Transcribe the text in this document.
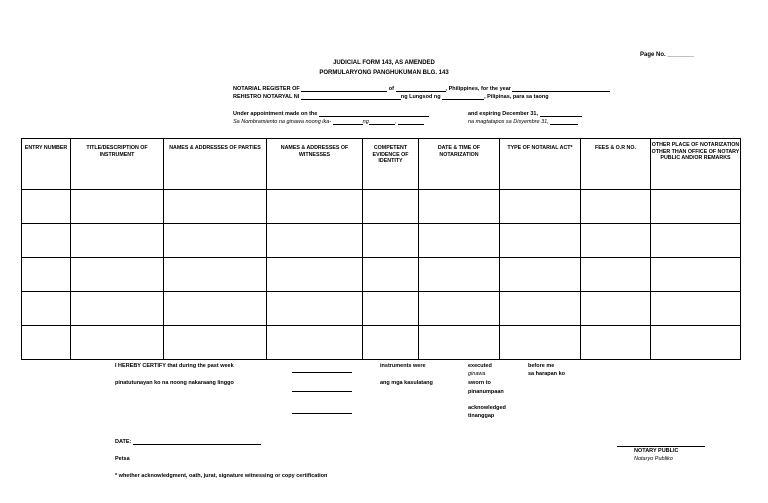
Page No. ________
JUDICIAL FORM 143, AS AMENDED
PORMULARYONG PANGHUKUMAN BLG. 143
NOTARIAL REGISTER OF	of	, Philippines, for the year
REHISTRO NOTARYAL NI	ng Lungsod ng	, Pilipinas, para sa taong
Under appointment made on the
Sa Nombramiento na ginawa noong ika-	ng	,
and expiring December 31,
na magtatapos sa Disyembre 31,
ENTRY NUMBER	TITLE/DESCRIPTION OF INSTRUMENT	NAMES & ADDRESSES OF PARTIES	NAMES & ADDRESSES OF WITNESSES	COMPETENT EVIDENCE OF IDENTITY	DATE & TIME OF NOTARIZATION	TYPE OF NOTARIAL ACT*	FEES & O.R NO.	OTHER PLACE OF NOTARIZATION OTHER THAN OFFICE OF NOTARY PUBLIC AND/OR REMARKS

I HEREBY CERTIFY that during the past week
pinatutunayan ko na noong nakaraang linggo
instruments were
ang mga kasulatang
executed
ginawa
sworn to
pinanumpaan
acknowledged
tinanggap
before me
sa harapan ko
DATE:
Petsa
* whether acknowledgment, oath, jurat, signature witnessing or copy certification
NOTARY PUBLIC
Notaryo Publiko
